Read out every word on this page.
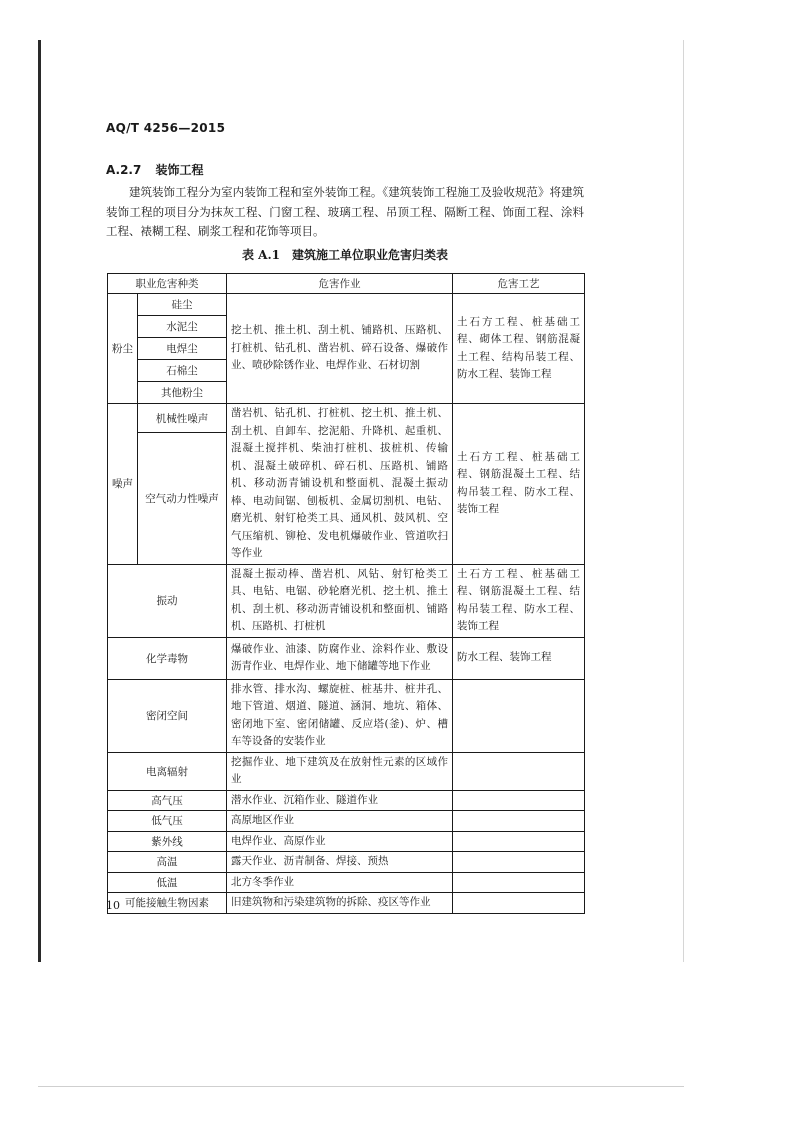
AQ/T 4256—2015
A.2.7 装饰工程
建筑装饰工程分为室内装饰工程和室外装饰工程。《建筑装饰工程施工及验收规范》将建筑装饰工程的项目分为抹灰工程、门窗工程、玻璃工程、吊顶工程、隔断工程、饰面工程、涂料工程、裱糊工程、刷浆工程和花饰等项目。
表 A.1　建筑施工单位职业危害归类表
职业危害种类		危害作业	危害工艺
粉尘	硅尘	挖土机、推土机、刮土机、铺路机、压路机、打桩机、钻孔机、凿岩机、碎石设备、爆破作业、喷砂除锈作业、电焊作业、石材切割	土石方工程、桩基础工程、砌体工程、钢筋混凝土工程、结构吊装工程、防水工程、装饰工程
	水泥尘		
	电焊尘		
	石棉尘		
	其他粉尘		
噪声	机械性噪声	凿岩机、钻孔机、打桩机、挖土机、推土机、刮土机、自卸车、挖泥船、升降机、起重机、混凝土搅拌机、柴油打桩机、拔桩机、传输机、混凝土破碎机、碎石机、压路机、铺路机、移动沥青铺设机和整面机、混凝土振动棒、电动间锯、刨板机、金属切割机、电钻、磨光机、射钉枪类工具、通风机、鼓风机、空气压缩机、铆枪、发电机爆破作业、管道吹扫等作业	土石方工程、桩基础工程、钢筋混凝土工程、结构吊装工程、防水工程、装饰工程
	空气动力性噪声		
振动		混凝土振动棒、凿岩机、风钻、射钉枪类工具、电钻、电锯、砂轮磨光机、挖土机、推土机、刮土机、移动沥青铺设机和整面机、铺路机、压路机、打桩机	土石方工程、桩基础工程、钢筋混凝土工程、结构吊装工程、防水工程、装饰工程
化学毒物		爆破作业、油漆、防腐作业、涂料作业、敷设沥青作业、电焊作业、地下储罐等地下作业	防水工程、装饰工程
密闭空间		排水管、排水沟、螺旋桩、桩基井、桩井孔、地下管道、烟道、隧道、涵洞、地坑、箱体、密闭地下室、密闭储罐、反应塔(釜)、炉、槽车等设备的安装作业	
电离辐射		挖掘作业、地下建筑及在放射性元素的区域作业	
高气压		潜水作业、沉箱作业、隧道作业	
低气压		高原地区作业	
紫外线		电焊作业、高原作业	
高温		露天作业、沥青制备、焊接、预热	
低温		北方冬季作业	
可能接触生物因素		旧建筑物和污染建筑物的拆除、疫区等作业	
10
